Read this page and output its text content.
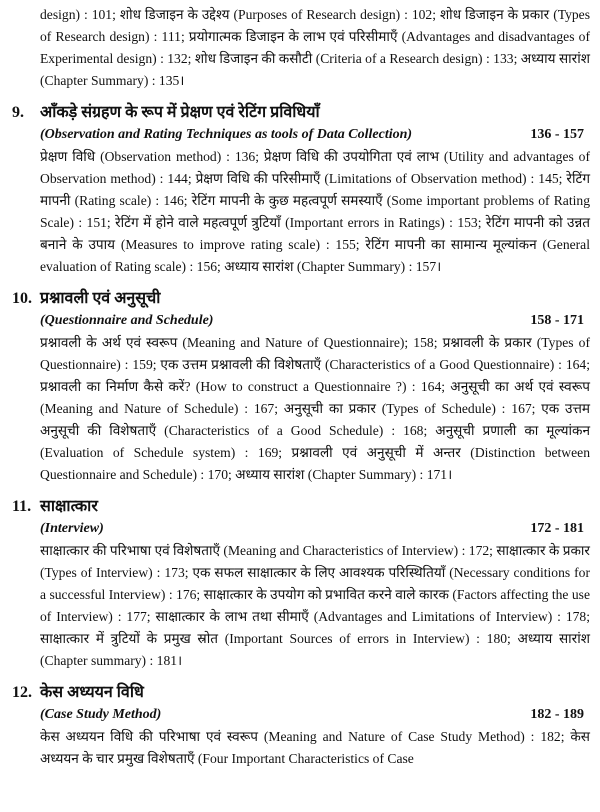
design) : 101; शोध डिजाइन के उद्देश्य (Purposes of Research design) : 102; शोध डिजाइन के प्रकार (Types of Research design) : 111; प्रयोगात्मक डिजाइन के लाभ एवं परिसीमाएँ (Advantages and disadvantages of Experimental design) : 132; शोध डिजाइन की कसौटी (Criteria of a Research design) : 133; अध्याय सारांश (Chapter Summary) : 135।

9.	आँकड़े संग्रहण के रूप में प्रेक्षण एवं रेटिंग प्रविधियाँ
(Observation and Rating Techniques as tools of Data Collection)	136 - 157

प्रेक्षण विधि (Observation method) : 136; प्रेक्षण विधि की उपयोगिता एवं लाभ (Utility and advantages of Observation method) : 144; प्रेक्षण विधि की परिसीमाएँ (Limitations of Observation method) : 145; रेटिंग मापनी (Rating scale) : 146; रेटिंग मापनी के कुछ महत्वपूर्ण समस्याएँ (Some important problems of Rating Scale) : 151; रेटिंग में होने वाले महत्वपूर्ण त्रुटियाँ (Important errors in Ratings) : 153; रेटिंग मापनी को उन्नत बनाने के उपाय (Measures to improve rating scale) : 155; रेटिंग मापनी का सामान्य मूल्यांकन (General evaluation of Rating scale) : 156; अध्याय सारांश (Chapter Summary) : 157।

10. प्रश्नावली एवं अनुसूची
(Questionnaire and Schedule)	158 - 171

प्रश्नावली के अर्थ एवं स्वरूप (Meaning and Nature of Questionnaire); 158; प्रश्नावली के प्रकार (Types of Questionnaire) : 159; एक उत्तम प्रश्नावली की विशेषताएँ (Characteristics of a Good Questionnaire) : 164; प्रश्नावली का निर्माण कैसे करें? (How to construct a Questionnaire ?) : 164; अनुसूची का अर्थ एवं स्वरूप (Meaning and Nature of Schedule) : 167; अनुसूची का प्रकार (Types of Schedule) : 167; एक उत्तम अनुसूची की विशेषताएँ (Characteristics of a Good Schedule) : 168; अनुसूची प्रणाली का मूल्यांकन (Evaluation of Schedule system) : 169; प्रश्नावली एवं अनुसूची में अन्तर (Distinction between Questionnaire and Schedule) : 170; अध्याय सारांश (Chapter Summary) : 171।

11. साक्षात्कार
(Interview)	172 - 181

साक्षात्कार की परिभाषा एवं विशेषताएँ (Meaning and Characteristics of Interview) : 172; साक्षात्कार के प्रकार (Types of Interview) : 173; एक सफल साक्षात्कार के लिए आवश्यक परिस्थितियाँ (Necessary conditions for a successful Interview) : 176; साक्षात्कार के उपयोग को प्रभावित करने वाले कारक (Factors affecting the use of Interview) : 177; साक्षात्कार के लाभ तथा सीमाएँ (Advantages and Limitations of Interview) : 178; साक्षात्कार में त्रुटियों के प्रमुख स्रोत (Important Sources of errors in Interview) : 180; अध्याय सारांश (Chapter summary) : 181।

12. केस अध्ययन विधि
(Case Study Method)	182 - 189

केस अध्ययन विधि की परिभाषा एवं स्वरूप (Meaning and Nature of Case Study Method) : 182; केस अध्ययन के चार प्रमुख विशेषताएँ (Four Important Characteristics of Case
